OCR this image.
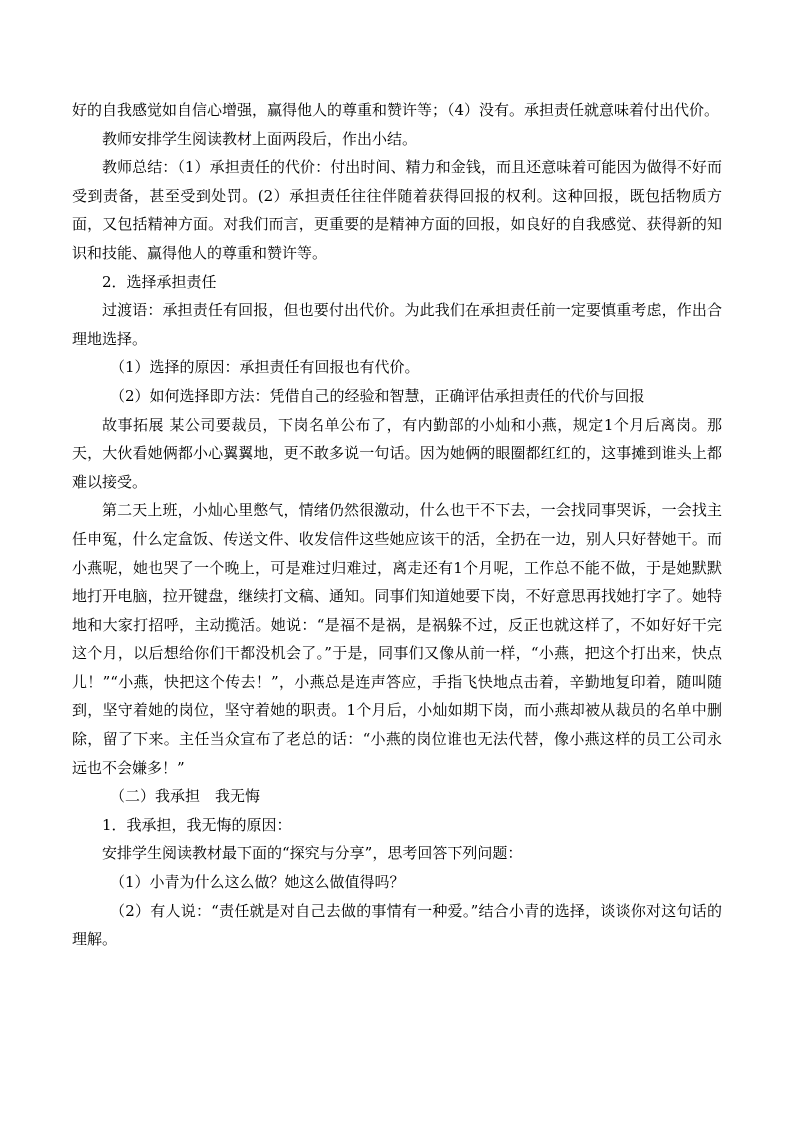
好的自我感觉如自信心增强，赢得他人的尊重和赞许等；（4）没有。承担责任就意味着付出代价。

教师安排学生阅读教材上面两段后，作出小结。

教师总结：（1）承担责任的代价：付出时间、精力和金钱，而且还意味着可能因为做得不好而受到责备，甚至受到处罚。(2）承担责任往往伴随着获得回报的权利。这种回报，既包括物质方面，又包括精神方面。对我们而言，更重要的是精神方面的回报，如良好的自我感觉、获得新的知识和技能、赢得他人的尊重和赞许等。

2．选择承担责任

过渡语：承担责任有回报，但也要付出代价。为此我们在承担责任前一定要慎重考虑，作出合理地选择。

（1）选择的原因：承担责任有回报也有代价。

（2）如何选择即方法：凭借自己的经验和智慧，正确评估承担责任的代价与回报

故事拓展 某公司要裁员，下岗名单公布了，有内勤部的小灿和小燕，规定1个月后离岗。那天，大伙看她俩都小心翼翼地，更不敢多说一句话。因为她俩的眼圈都红红的，这事摊到谁头上都难以接受。

第二天上班，小灿心里憋气，情绪仍然很激动，什么也干不下去，一会找同事哭诉，一会找主任申冤，什么定盒饭、传送文件、收发信件这些她应该干的活，全扔在一边，别人只好替她干。而小燕呢，她也哭了一个晚上，可是难过归难过，离走还有1个月呢，工作总不能不做，于是她默默地打开电脑，拉开键盘，继续打文稿、通知。同事们知道她要下岗，不好意思再找她打字了。她特地和大家打招呼，主动揽活。她说：“是福不是祸，是祸躲不过，反正也就这样了，不如好好干完这个月，以后想给你们干都没机会了。”于是，同事们又像从前一样，“小燕，把这个打出来，快点儿！”“小燕，快把这个传去！”，小燕总是连声答应，手指飞快地点击着，辛勤地复印着，随叫随到，坚守着她的岗位，坚守着她的职责。1个月后，小灿如期下岗，而小燕却被从裁员的名单中删除，留了下来。主任当众宣布了老总的话：“小燕的岗位谁也无法代替，像小燕这样的员工公司永远也不会嫌多！”

（二）我承担　我无悔

1．我承担，我无悔的原因：

安排学生阅读教材最下面的“探究与分享”，思考回答下列问题：

（1）小青为什么这么做？她这么做值得吗？

（2）有人说：“责任就是对自己去做的事情有一种爱。”结合小青的选择，谈谈你对这句话的理解。
